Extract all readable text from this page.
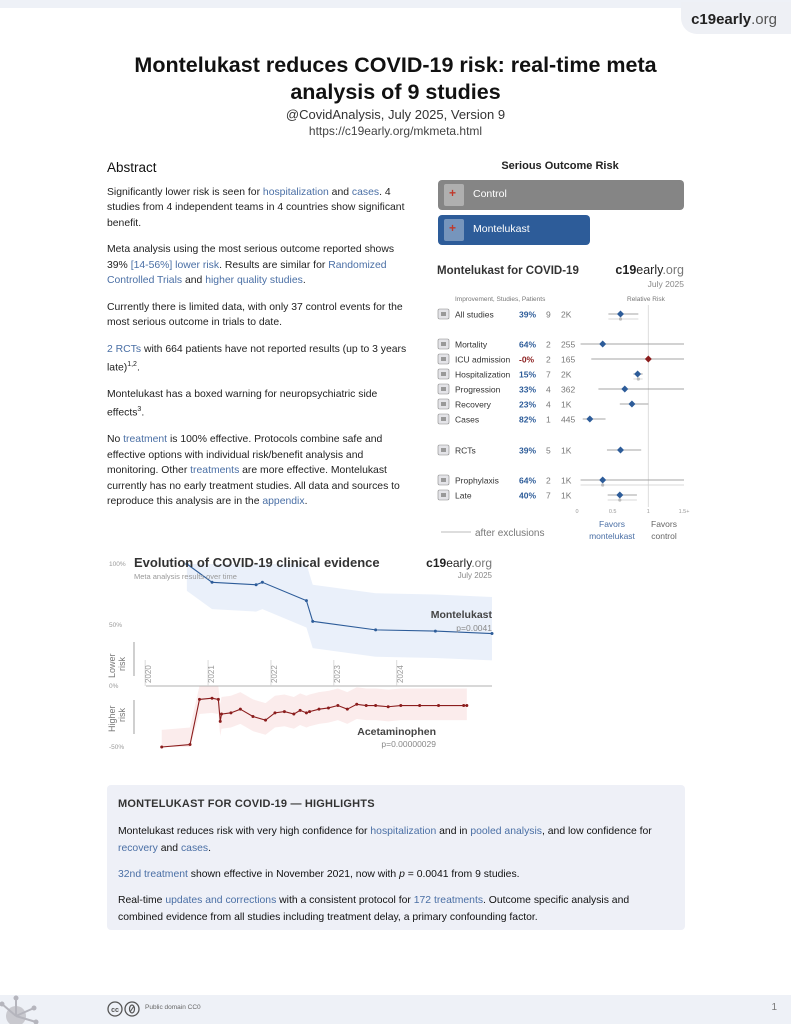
c19early.org
Montelukast reduces COVID-19 risk: real-time meta analysis of 9 studies
@CovidAnalysis, July 2025, Version 9
https://c19early.org/mkmeta.html
Abstract

Significantly lower risk is seen for hospitalization and cases. 4 studies from 4 independent teams in 4 countries show significant benefit.

Meta analysis using the most serious outcome reported shows 39% [14-56%] lower risk. Results are similar for Randomized Controlled Trials and higher quality studies.

Currently there is limited data, with only 37 control events for the most serious outcome in trials to date.

2 RCTs with 664 patients have not reported results (up to 3 years late)$^{1,2}$.

Montelukast has a boxed warning for neuropsychiatric side effects$^3$.

No treatment is 100% effective. Protocols combine safe and effective options with individual risk/benefit analysis and monitoring. Other treatments are more effective. Montelukast currently has no early treatment studies. All data and sources to reproduce this analysis are in the appendix.

Serious Outcome Risk
+
Control
+
Montelukast
Montelukast for COVID-19	c19early.org
July 2025
Improvement, Studies, Patients	Relative Risk
All studies	39% 9 2K
Mortality	64% 2 255
ICU admission -0% 2 165
Hospitalization 15% 7 2K
Progression 33% 4 362
Recovery	23% 4 1K
Cases	82% 1 445
RCTs	39% 5 1K
Prophylaxis 64% 2 1K
Late	40% 7 1K
0	0.5	1	1.5+
after exclusions
Favors
montelukast
Favors
control
100%
50%
0%
-50%
2020	2021	2022	2023	2024
Lower risk
Higher risk
Montelukast
p=0.0041
Acetaminophen
p=0.00000029
Evolution of COVID-19 clinical evidence
Meta analysis results over time
c19early.org
July 2025
MONTELUKAST FOR COVID-19 — HIGHLIGHTS

Montelukast reduces risk with very high confidence for hospitalization and in pooled analysis, and low confidence for recovery and cases.

32nd treatment shown effective in November 2021, now with p = 0.0041 from 9 studies.

Real-time updates and corrections with a consistent protocol for 172 treatments. Outcome specific analysis and combined evidence from all studies including treatment delay, a primary confounding factor.

cc	Public domain CC0	1
